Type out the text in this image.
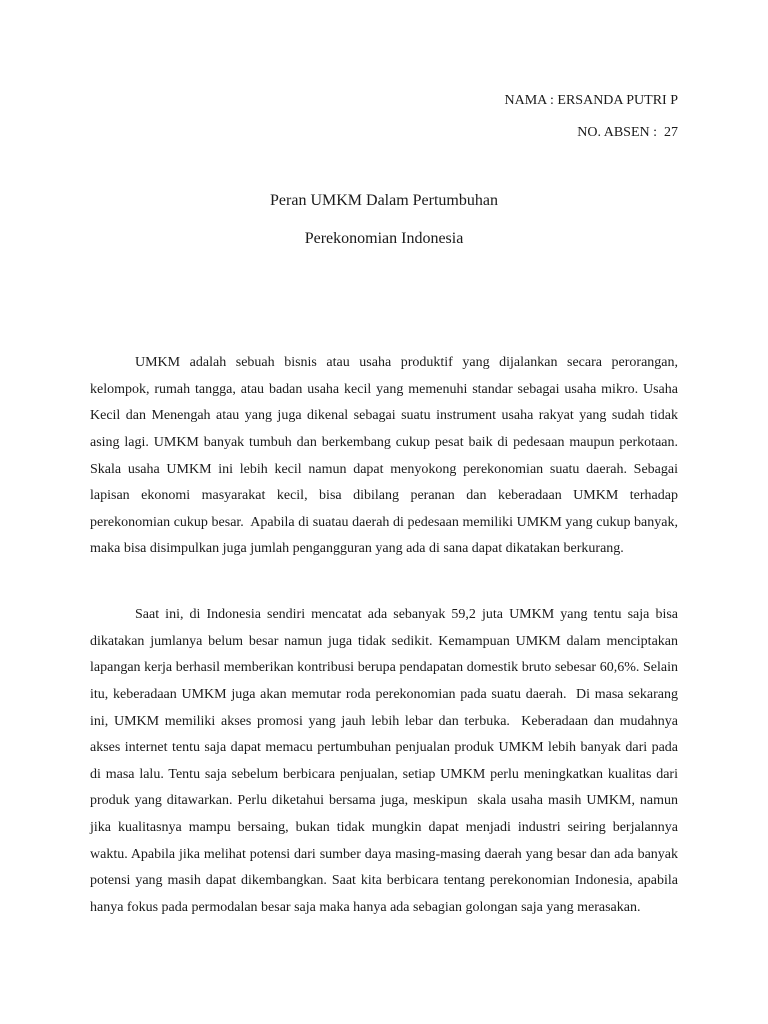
NAMA : ERSANDA PUTRI P
NO. ABSEN :  27
Peran UMKM Dalam Pertumbuhan
Perekonomian Indonesia

UMKM adalah sebuah bisnis atau usaha produktif yang dijalankan secara perorangan, kelompok, rumah tangga, atau badan usaha kecil yang memenuhi standar sebagai usaha mikro. Usaha Kecil dan Menengah atau yang juga dikenal sebagai suatu instrument usaha rakyat yang sudah tidak asing lagi. UMKM banyak tumbuh dan berkembang cukup pesat baik di pedesaan maupun perkotaan. Skala usaha UMKM ini lebih kecil namun dapat menyokong perekonomian suatu daerah. Sebagai lapisan ekonomi masyarakat kecil, bisa dibilang peranan dan keberadaan UMKM terhadap perekonomian cukup besar.  Apabila di suatau daerah di pedesaan memiliki UMKM yang cukup banyak, maka bisa disimpulkan juga jumlah pengangguran yang ada di sana dapat dikatakan berkurang.

Saat ini, di Indonesia sendiri mencatat ada sebanyak 59,2 juta UMKM yang tentu saja bisa dikatakan jumlanya belum besar namun juga tidak sedikit. Kemampuan UMKM dalam menciptakan lapangan kerja berhasil memberikan kontribusi berupa pendapatan domestik bruto sebesar 60,6%. Selain itu, keberadaan UMKM juga akan memutar roda perekonomian pada suatu daerah.  Di masa sekarang ini, UMKM memiliki akses promosi yang jauh lebih lebar dan terbuka.  Keberadaan dan mudahnya akses internet tentu saja dapat memacu pertumbuhan penjualan produk UMKM lebih banyak dari pada di masa lalu. Tentu saja sebelum berbicara penjualan, setiap UMKM perlu meningkatkan kualitas dari produk yang ditawarkan. Perlu diketahui bersama juga, meskipun  skala usaha masih UMKM, namun jika kualitasnya mampu bersaing, bukan tidak mungkin dapat menjadi industri seiring berjalannya waktu. Apabila jika melihat potensi dari sumber daya masing-masing daerah yang besar dan ada banyak potensi yang masih dapat dikembangkan. Saat kita berbicara tentang perekonomian Indonesia, apabila hanya fokus pada permodalan besar saja maka hanya ada sebagian golongan saja yang merasakan.
